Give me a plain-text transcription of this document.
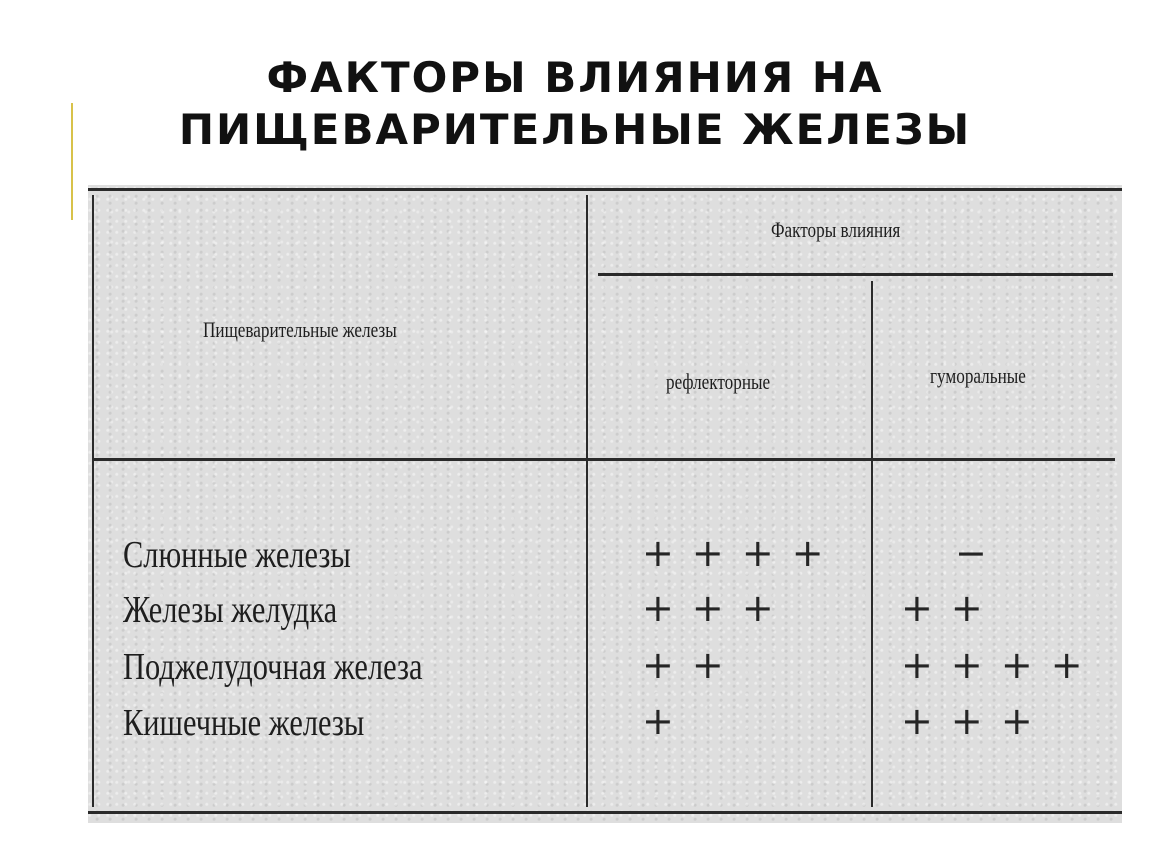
ФАКТОРЫ ВЛИЯНИЯ НА
ПИЩЕВАРИТЕЛЬНЫЕ ЖЕЛЕЗЫ
Пищеварительные железы
Факторы влияния
рефлекторные	гуморальные
Слюнные железы
Железы желудка
Поджелудочная железа
Кишечные железы
+ + + +
+ + +
+ +
+
−
+ +
+ + + +
+ + +
